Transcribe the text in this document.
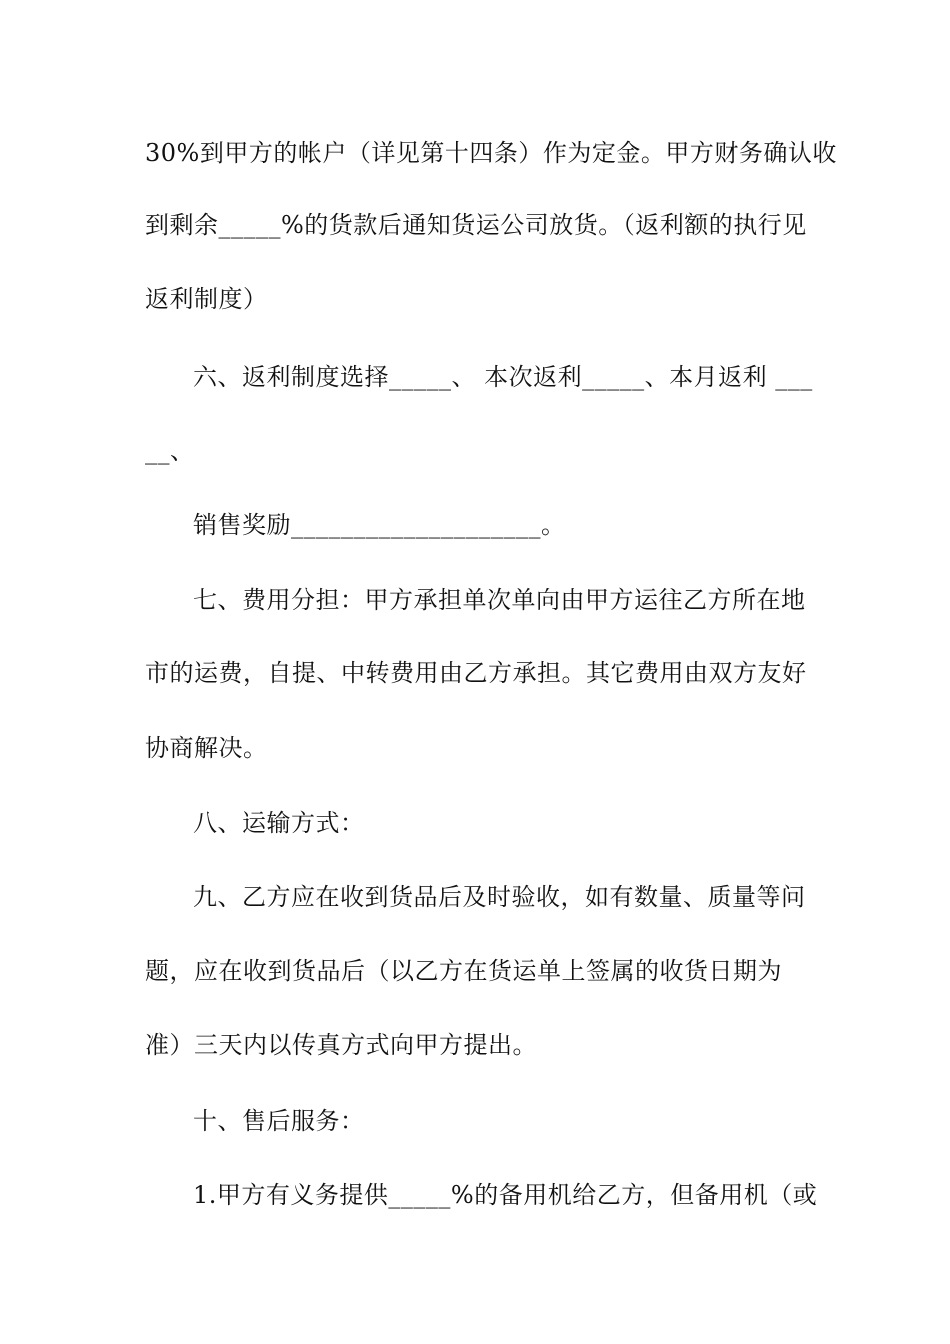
30%到甲方的帐户（详见第十四条）作为定金。甲方财务确认收
到剩余_____%的货款后通知货运公司放货。（返利额的执行见
返利制度）
六、返利制度选择_____、 本次返利_____、本月返利 ___
__、
销售奖励____________________。
七、费用分担：甲方承担单次单向由甲方运往乙方所在地
市的运费，自提、中转费用由乙方承担。其它费用由双方友好
协商解决。
八、运输方式：
九、乙方应在收到货品后及时验收，如有数量、质量等问
题，应在收到货品后（以乙方在货运单上签属的收货日期为
准）三天内以传真方式向甲方提出。
十、售后服务：
1.甲方有义务提供_____%的备用机给乙方，但备用机（或
